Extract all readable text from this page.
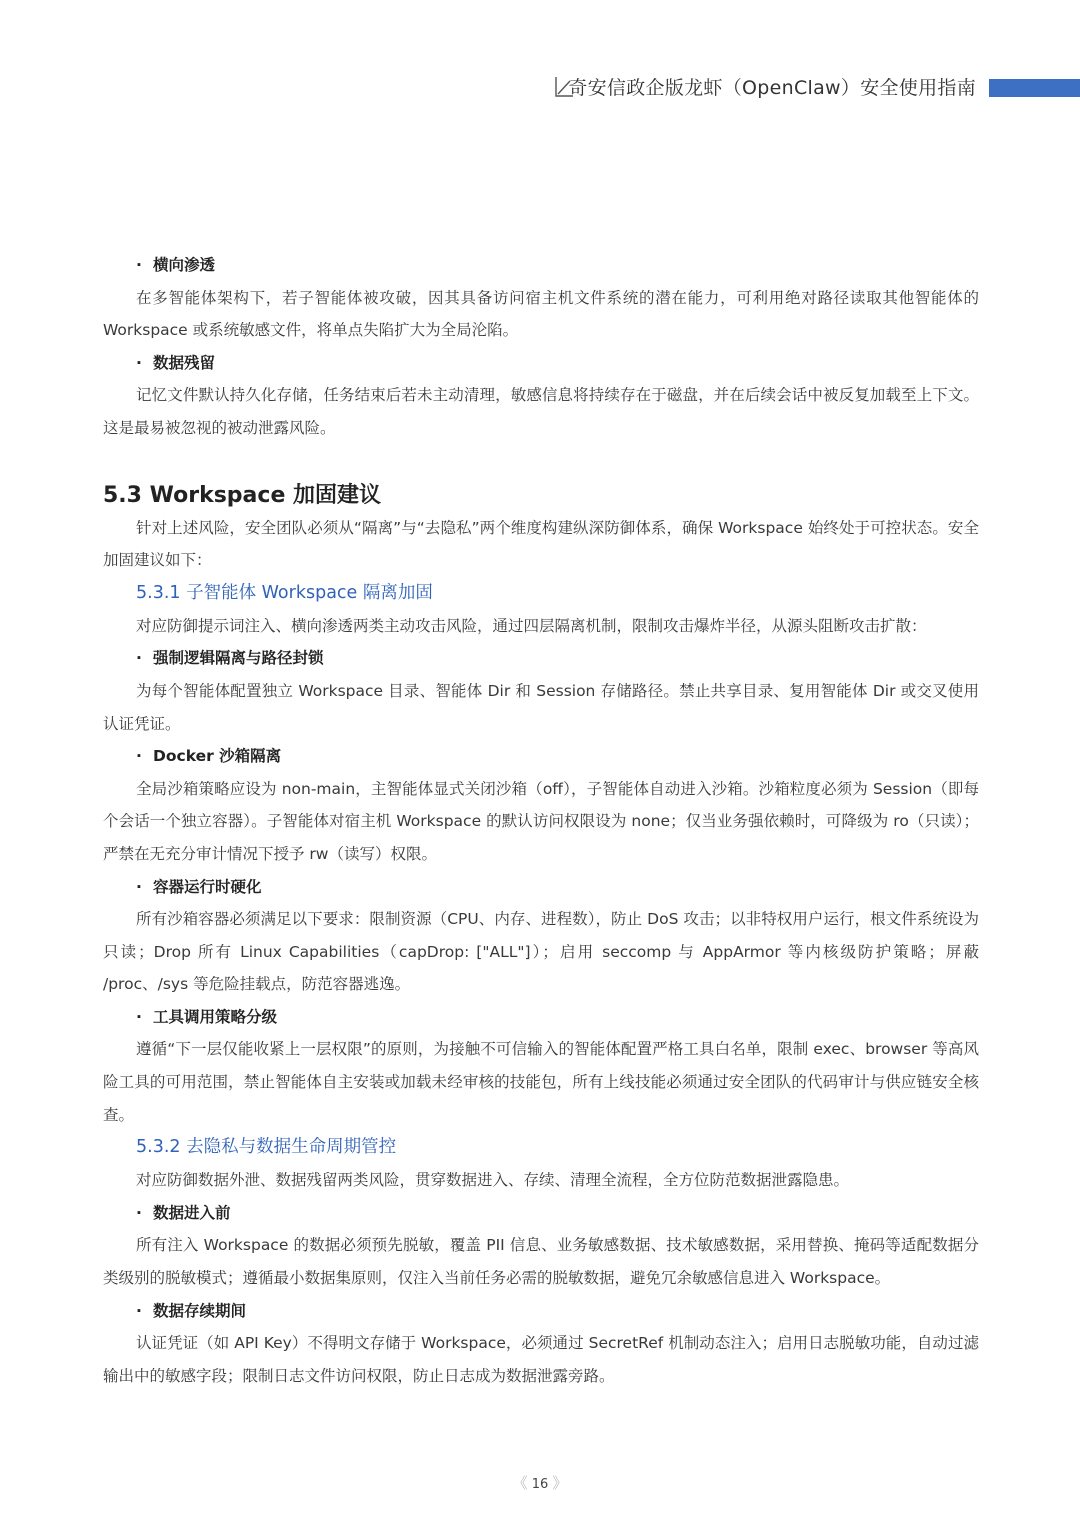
奇安信政企版龙虾（OpenClaw）安全使用指南
· 横向渗透

在多智能体架构下，若子智能体被攻破，因其具备访问宿主机文件系统的潜在能力，可利用绝对路径读取其他智能体的 Workspace 或系统敏感文件，将单点失陷扩大为全局沦陷。

· 数据残留

记忆文件默认持久化存储，任务结束后若未主动清理，敏感信息将持续存在于磁盘，并在后续会话中被反复加载至上下文。这是最易被忽视的被动泄露风险。

5.3 Workspace 加固建议

针对上述风险，安全团队必须从“隔离”与“去隐私”两个维度构建纵深防御体系，确保 Workspace 始终处于可控状态。安全加固建议如下：

5.3.1 子智能体 Workspace 隔离加固

对应防御提示词注入、横向渗透两类主动攻击风险，通过四层隔离机制，限制攻击爆炸半径，从源头阻断攻击扩散：

· 强制逻辑隔离与路径封锁

为每个智能体配置独立 Workspace 目录、智能体 Dir 和 Session 存储路径。禁止共享目录、复用智能体 Dir 或交叉使用认证凭证。

· Docker 沙箱隔离

全局沙箱策略应设为 non-main，主智能体显式关闭沙箱（off），子智能体自动进入沙箱。沙箱粒度必须为 Session（即每个会话一个独立容器）。子智能体对宿主机 Workspace 的默认访问权限设为 none；仅当业务强依赖时，可降级为 ro（只读）；严禁在无充分审计情况下授予 rw（读写）权限。

· 容器运行时硬化

所有沙箱容器必须满足以下要求：限制资源（CPU、内存、进程数），防止 DoS 攻击；以非特权用户运行，根文件系统设为只读；Drop 所有 Linux Capabilities（capDrop: ["ALL"]）；启用 seccomp 与 AppArmor 等内核级防护策略；屏蔽 /proc、/sys 等危险挂载点，防范容器逃逸。

· 工具调用策略分级

遵循“下一层仅能收紧上一层权限”的原则，为接触不可信输入的智能体配置严格工具白名单，限制 exec、browser 等高风险工具的可用范围，禁止智能体自主安装或加载未经审核的技能包，所有上线技能必须通过安全团队的代码审计与供应链安全核查。

5.3.2 去隐私与数据生命周期管控

对应防御数据外泄、数据残留两类风险，贯穿数据进入、存续、清理全流程，全方位防范数据泄露隐患。

· 数据进入前

所有注入 Workspace 的数据必须预先脱敏，覆盖 PII 信息、业务敏感数据、技术敏感数据，采用替换、掩码等适配数据分类级别的脱敏模式；遵循最小数据集原则，仅注入当前任务必需的脱敏数据，避免冗余敏感信息进入 Workspace。

· 数据存续期间

认证凭证（如 API Key）不得明文存储于 Workspace，必须通过 SecretRef 机制动态注入；启用日志脱敏功能，自动过滤输出中的敏感字段；限制日志文件访问权限，防止日志成为数据泄露旁路。

《 16 》
